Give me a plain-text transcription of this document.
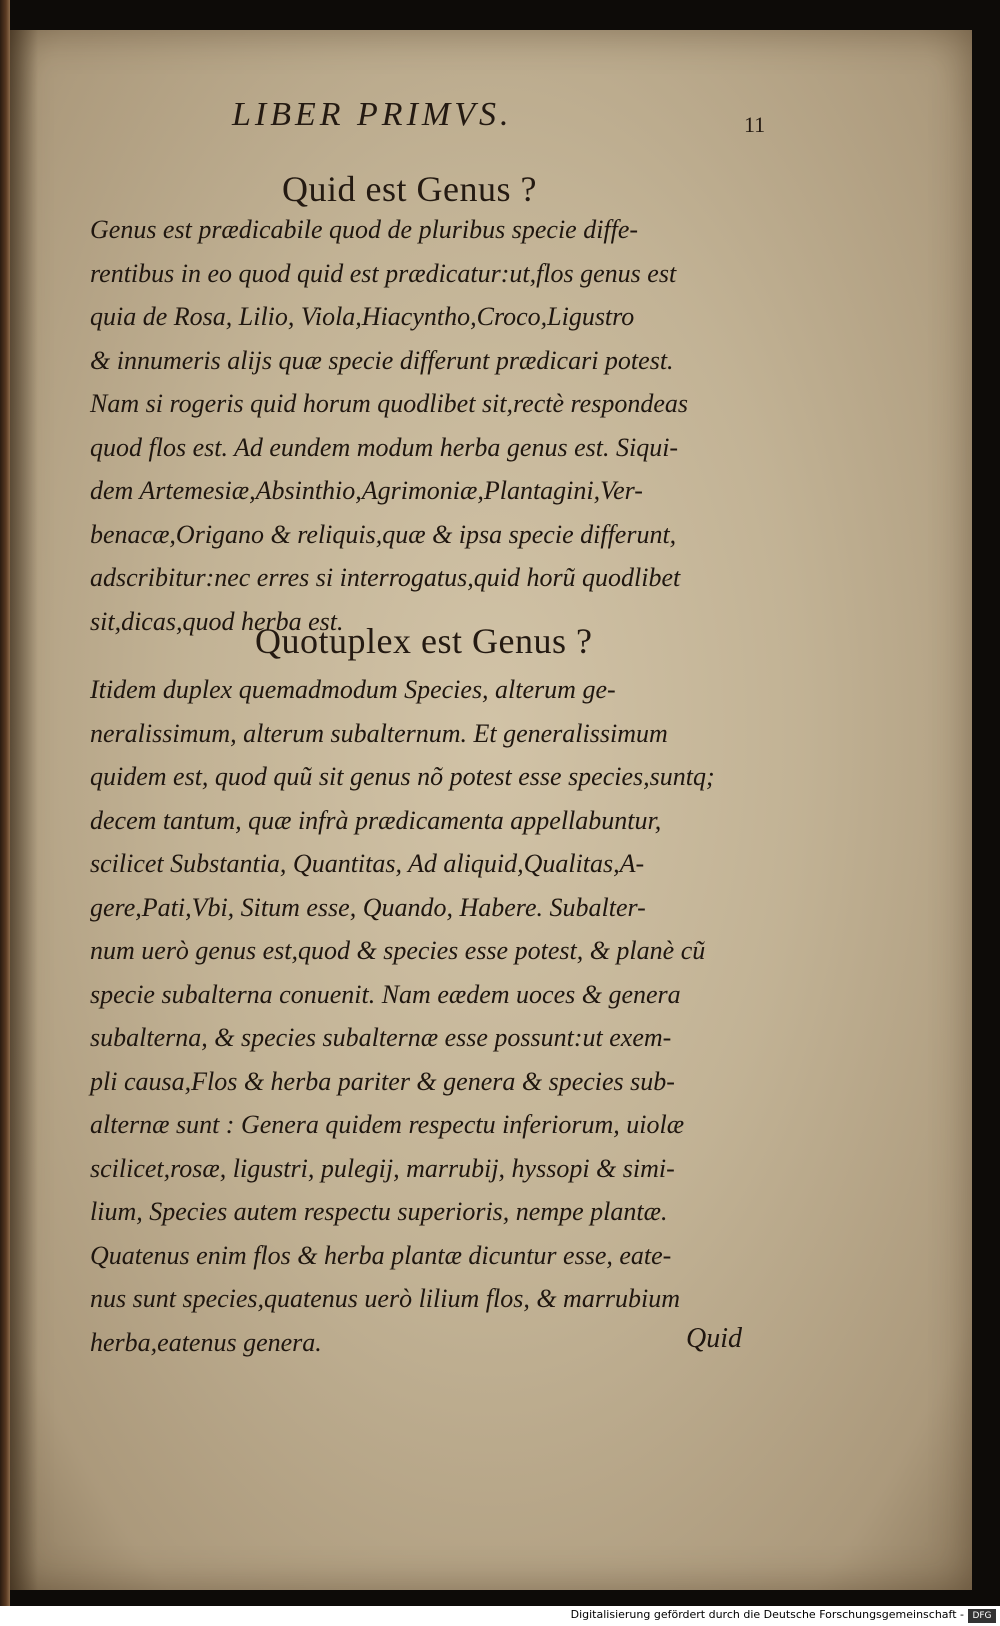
LIBER PRIMVS.	11
Quid est Genus ?
Genus est prædicabile quod de pluribus specie diffe-
rentibus in eo quod quid est prædicatur:ut,flos genus est
quia de Rosa, Lilio, Viola,Hiacyntho,Croco,Ligustro
& innumeris alijs quæ specie differunt prædicari potest.
Nam si rogeris quid horum quodlibet sit,rectè respondeas
quod flos est. Ad eundem modum herba genus est. Siqui-
dem Artemesiæ,Absinthio,Agrimoniæ,Plantagini,Ver-
benacæ,Origano & reliquis,quæ & ipsa specie differunt,
adscribitur:nec erres si interrogatus,quid horũ quodlibet
sit,dicas,quod herba est.
Quotuplex est Genus ?
Itidem duplex quemadmodum Species, alterum ge-
neralissimum, alterum subalternum. Et generalissimum
quidem est, quod quũ sit genus nõ potest esse species,suntq;
decem tantum, quæ infrà prædicamenta appellabuntur,
scilicet Substantia, Quantitas, Ad aliquid,Qualitas,A-
gere,Pati,Vbi, Situm esse, Quando, Habere. Subalter-
num uerò genus est,quod & species esse potest, & planè cũ
specie subalterna conuenit. Nam eædem uoces & genera
subalterna, & species subalternæ esse possunt:ut exem-
pli causa,Flos & herba pariter & genera & species sub-
alternæ sunt : Genera quidem respectu inferiorum, uiolæ
scilicet,rosæ, ligustri, pulegij, marrubij, hyssopi & simi-
lium, Species autem respectu superioris, nempe plantæ.
Quatenus enim flos & herba plantæ dicuntur esse, eate-
nus sunt species,quatenus uerò lilium flos, & marrubium
herba,eatenus genera.	Quid
Digitalisierung gefördert durch die Deutsche Forschungsgemeinschaft - DFG
